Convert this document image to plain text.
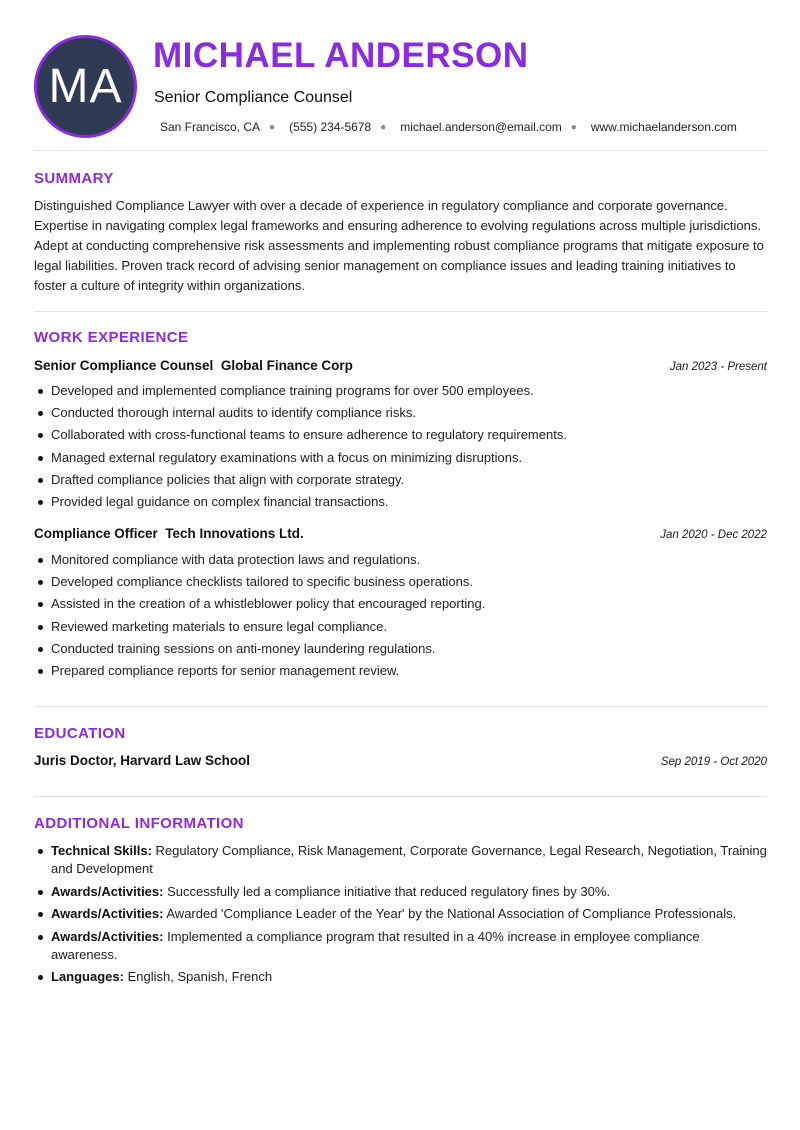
MA
MICHAEL ANDERSON
Senior Compliance Counsel
San Francisco, CA ● (555) 234-5678 ● michael.anderson@email.com ● www.michaelanderson.com
SUMMARY
Distinguished Compliance Lawyer with over a decade of experience in regulatory compliance and corporate governance. Expertise in navigating complex legal frameworks and ensuring adherence to evolving regulations across multiple jurisdictions. Adept at conducting comprehensive risk assessments and implementing robust compliance programs that mitigate exposure to legal liabilities. Proven track record of advising senior management on compliance issues and leading training initiatives to foster a culture of integrity within organizations.
WORK EXPERIENCE
Senior Compliance Counsel Global Finance Corp	Jan 2023 - Present
Developed and implemented compliance training programs for over 500 employees.
Conducted thorough internal audits to identify compliance risks.
Collaborated with cross-functional teams to ensure adherence to regulatory requirements.
Managed external regulatory examinations with a focus on minimizing disruptions.
Drafted compliance policies that align with corporate strategy.
Provided legal guidance on complex financial transactions.
Compliance Officer Tech Innovations Ltd.	Jan 2020 - Dec 2022
Monitored compliance with data protection laws and regulations.
Developed compliance checklists tailored to specific business operations.
Assisted in the creation of a whistleblower policy that encouraged reporting.
Reviewed marketing materials to ensure legal compliance.
Conducted training sessions on anti-money laundering regulations.
Prepared compliance reports for senior management review.
EDUCATION
Juris Doctor, Harvard Law School	Sep 2019 - Oct 2020
ADDITIONAL INFORMATION
Technical Skills: Regulatory Compliance, Risk Management, Corporate Governance, Legal Research, Negotiation, Training and Development
Awards/Activities: Successfully led a compliance initiative that reduced regulatory fines by 30%.
Awards/Activities: Awarded 'Compliance Leader of the Year' by the National Association of Compliance Professionals.
Awards/Activities: Implemented a compliance program that resulted in a 40% increase in employee compliance awareness.
Languages: English, Spanish, French
